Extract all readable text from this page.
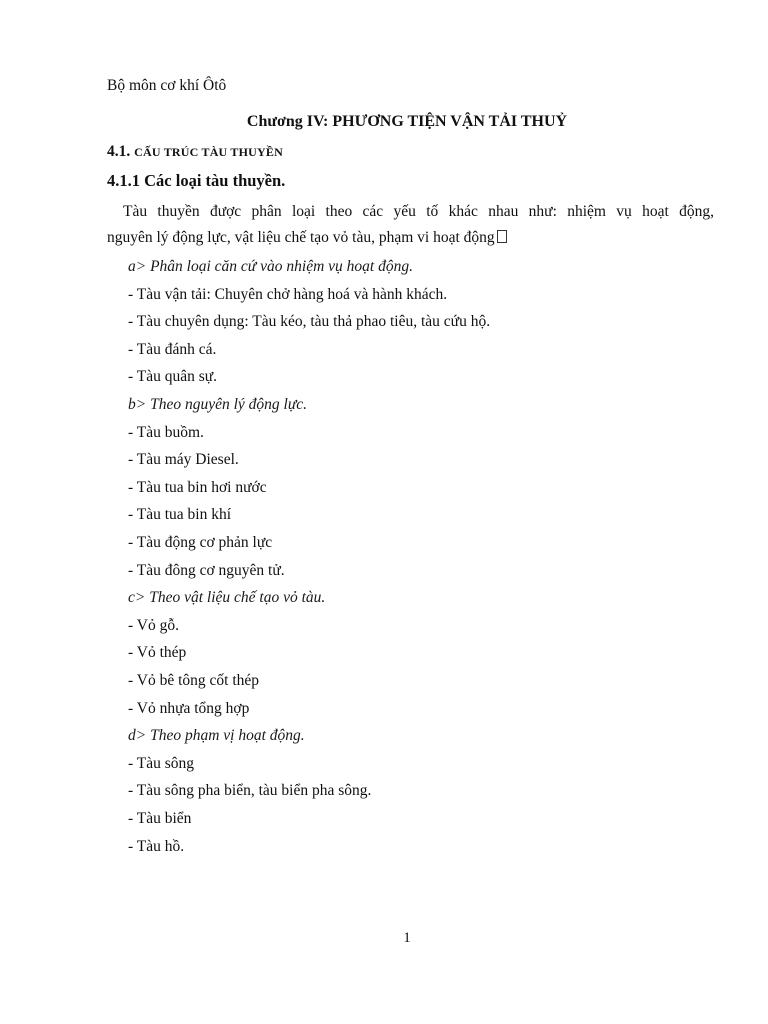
Bộ môn cơ khí Ôtô
Chương IV: PHƯƠNG TIỆN VẬN TẢI THUỶ
4.1. CẤU TRÚC TÀU THUYỀN
4.1.1 Các loại tàu thuyền.
Tàu thuyền được phân loại theo các yếu tố khác nhau như: nhiệm vụ hoạt động,
nguyên lý động lực, vật liệu chế tạo vỏ tàu, phạm vi hoạt động
a> Phân loại căn cứ vào nhiệm vụ hoạt động.
- Tàu vận tải: Chuyên chở hàng hoá và hành khách.
- Tàu chuyên dụng: Tàu kéo, tàu thả phao tiêu, tàu cứu hộ.
- Tàu đánh cá.
- Tàu quân sự.
b> Theo nguyên lý động lực.
- Tàu buồm.
- Tàu máy Diesel.
- Tàu tua bin hơi nước
- Tàu tua bin khí
- Tàu động cơ phản lực
- Tàu đông cơ nguyên tử.
c> Theo vật liệu chế tạo vỏ tàu.
- Vỏ gỗ.
- Vỏ thép
- Vỏ bê tông cốt thép
- Vỏ nhựa tổng hợp
d> Theo phạm vị hoạt động.
- Tàu sông
- Tàu sông pha biển, tàu biển pha sông.
- Tàu biển
- Tàu hồ.
1
